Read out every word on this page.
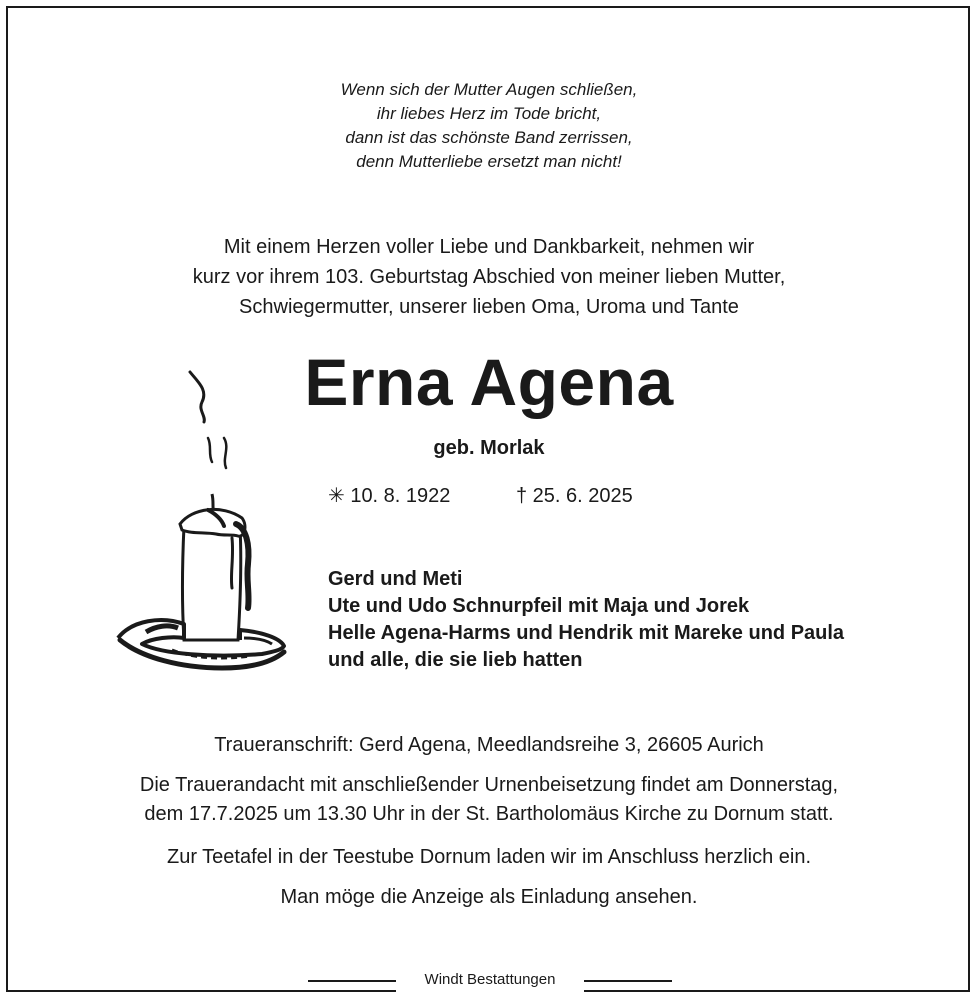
Wenn sich der Mutter Augen schließen,
ihr liebes Herz im Tode bricht,
dann ist das schönste Band zerrissen,
denn Mutterliebe ersetzt man nicht!
Mit einem Herzen voller Liebe und Dankbarkeit, nehmen wir
kurz vor ihrem 103. Geburtstag Abschied von meiner lieben Mutter,
Schwiegermutter, unserer lieben Oma, Uroma und Tante
Erna Agena
geb. Morlak
✳ 10. 8. 1922	† 25. 6. 2025
Gerd und Meti
Ute und Udo Schnurpfeil mit Maja und Jorek
Helle Agena-Harms und Hendrik mit Mareke und Paula
und alle, die sie lieb hatten
Traueranschrift: Gerd Agena, Meedlandsreihe 3, 26605 Aurich
Die Trauerandacht mit anschließender Urnenbeisetzung findet am Donnerstag,
dem 17.7.2025 um 13.30 Uhr in der St. Bartholomäus Kirche zu Dornum statt.
Zur Teetafel in der Teestube Dornum laden wir im Anschluss herzlich ein.
Man möge die Anzeige als Einladung ansehen.
Windt Bestattungen
